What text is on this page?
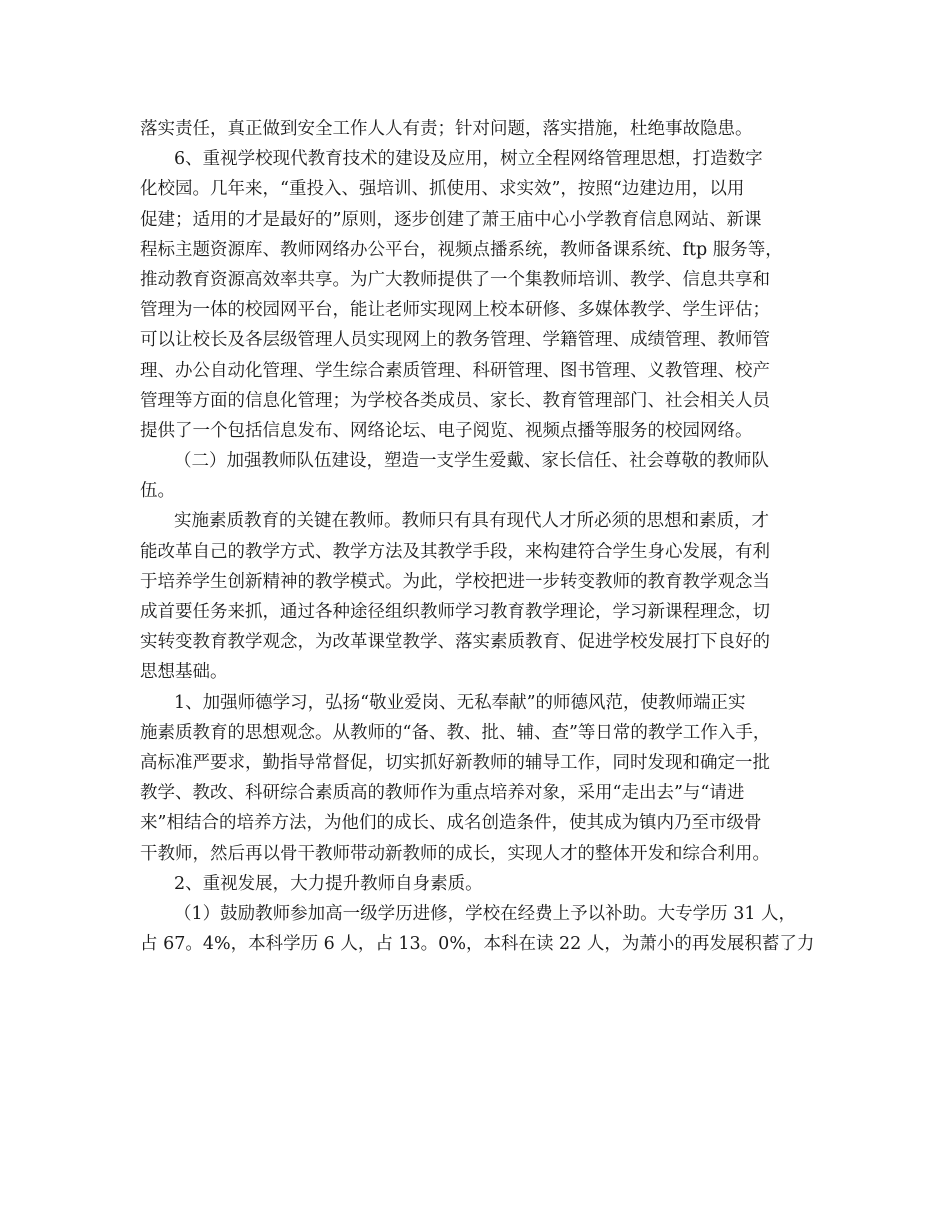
落实责任，真正做到安全工作人人有责；针对问题，落实措施，杜绝事故隐患。
6、重视学校现代教育技术的建设及应用，树立全程网络管理思想，打造数字
化校园。几年来，“重投入、强培训、抓使用、求实效”，按照“边建边用，以用
促建；适用的才是最好的”原则，逐步创建了萧王庙中心小学教育信息网站、新课
程标主题资源库、教师网络办公平台，视频点播系统，教师备课系统、ftp 服务等，
推动教育资源高效率共享。为广大教师提供了一个集教师培训、教学、信息共享和
管理为一体的校园网平台，能让老师实现网上校本研修、多媒体教学、学生评估；
可以让校长及各层级管理人员实现网上的教务管理、学籍管理、成绩管理、教师管
理、办公自动化管理、学生综合素质管理、科研管理、图书管理、义教管理、校产
管理等方面的信息化管理；为学校各类成员、家长、教育管理部门、社会相关人员
提供了一个包括信息发布、网络论坛、电子阅览、视频点播等服务的校园网络。
（二）加强教师队伍建设，塑造一支学生爱戴、家长信任、社会尊敬的教师队
伍。
实施素质教育的关键在教师。教师只有具有现代人才所必须的思想和素质，才
能改革自己的教学方式、教学方法及其教学手段，来构建符合学生身心发展，有利
于培养学生创新精神的教学模式。为此，学校把进一步转变教师的教育教学观念当
成首要任务来抓，通过各种途径组织教师学习教育教学理论，学习新课程理念，切
实转变教育教学观念，为改革课堂教学、落实素质教育、促进学校发展打下良好的
思想基础。
1、加强师德学习，弘扬“敬业爱岗、无私奉献”的师德风范，使教师端正实
施素质教育的思想观念。从教师的“备、教、批、辅、查”等日常的教学工作入手，
高标准严要求，勤指导常督促，切实抓好新教师的辅导工作，同时发现和确定一批
教学、教改、科研综合素质高的教师作为重点培养对象，采用“走出去”与“请进
来”相结合的培养方法，为他们的成长、成名创造条件，使其成为镇内乃至市级骨
干教师，然后再以骨干教师带动新教师的成长，实现人才的整体开发和综合利用。
2、重视发展，大力提升教师自身素质。
（1）鼓励教师参加高一级学历进修，学校在经费上予以补助。大专学历 31 人，
占 67。4%，本科学历 6 人，占 13。0%，本科在读 22 人，为萧小的再发展积蓄了力
